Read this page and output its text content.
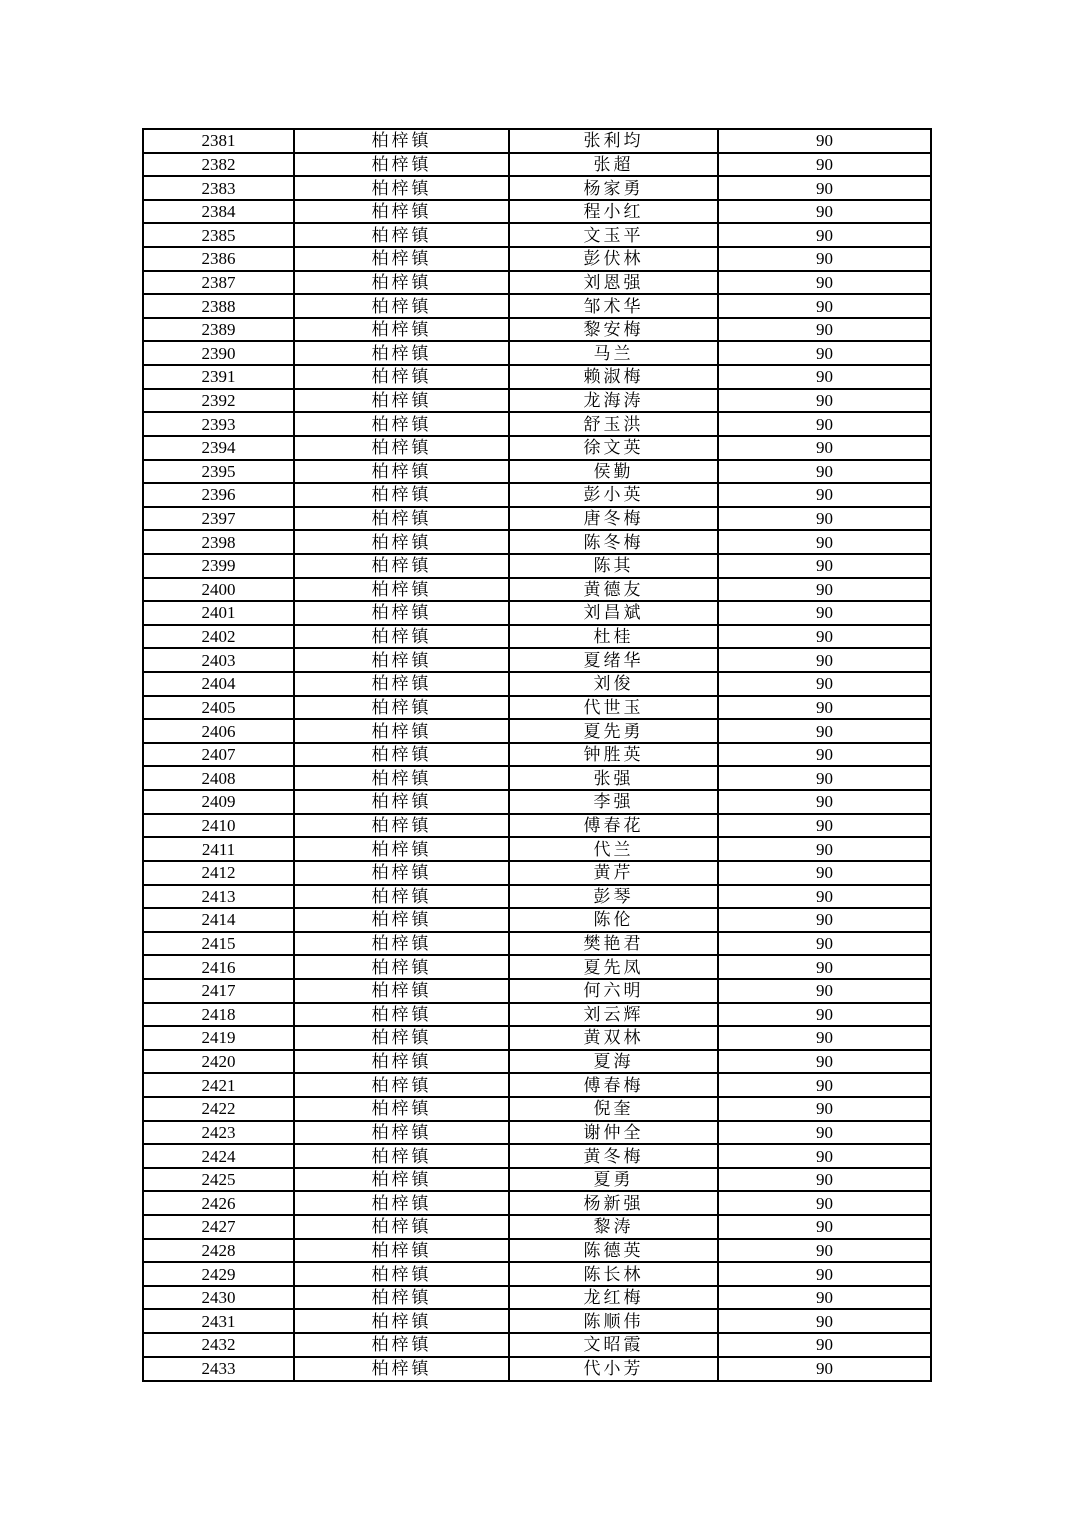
2381	柏梓镇	张利均	90
2382	柏梓镇	张超	90
2383	柏梓镇	杨家勇	90
2384	柏梓镇	程小红	90
2385	柏梓镇	文玉平	90
2386	柏梓镇	彭伏林	90
2387	柏梓镇	刘恩强	90
2388	柏梓镇	邹术华	90
2389	柏梓镇	黎安梅	90
2390	柏梓镇	马兰	90
2391	柏梓镇	赖淑梅	90
2392	柏梓镇	龙海涛	90
2393	柏梓镇	舒玉洪	90
2394	柏梓镇	徐文英	90
2395	柏梓镇	侯勤	90
2396	柏梓镇	彭小英	90
2397	柏梓镇	唐冬梅	90
2398	柏梓镇	陈冬梅	90
2399	柏梓镇	陈其	90
2400	柏梓镇	黄德友	90
2401	柏梓镇	刘昌斌	90
2402	柏梓镇	杜桂	90
2403	柏梓镇	夏绪华	90
2404	柏梓镇	刘俊	90
2405	柏梓镇	代世玉	90
2406	柏梓镇	夏先勇	90
2407	柏梓镇	钟胜英	90
2408	柏梓镇	张强	90
2409	柏梓镇	李强	90
2410	柏梓镇	傅春花	90
2411	柏梓镇	代兰	90
2412	柏梓镇	黄芹	90
2413	柏梓镇	彭琴	90
2414	柏梓镇	陈伦	90
2415	柏梓镇	樊艳君	90
2416	柏梓镇	夏先凤	90
2417	柏梓镇	何六明	90
2418	柏梓镇	刘云辉	90
2419	柏梓镇	黄双林	90
2420	柏梓镇	夏海	90
2421	柏梓镇	傅春梅	90
2422	柏梓镇	倪奎	90
2423	柏梓镇	谢仲全	90
2424	柏梓镇	黄冬梅	90
2425	柏梓镇	夏勇	90
2426	柏梓镇	杨新强	90
2427	柏梓镇	黎涛	90
2428	柏梓镇	陈德英	90
2429	柏梓镇	陈长林	90
2430	柏梓镇	龙红梅	90
2431	柏梓镇	陈顺伟	90
2432	柏梓镇	文昭霞	90
2433	柏梓镇	代小芳	90
